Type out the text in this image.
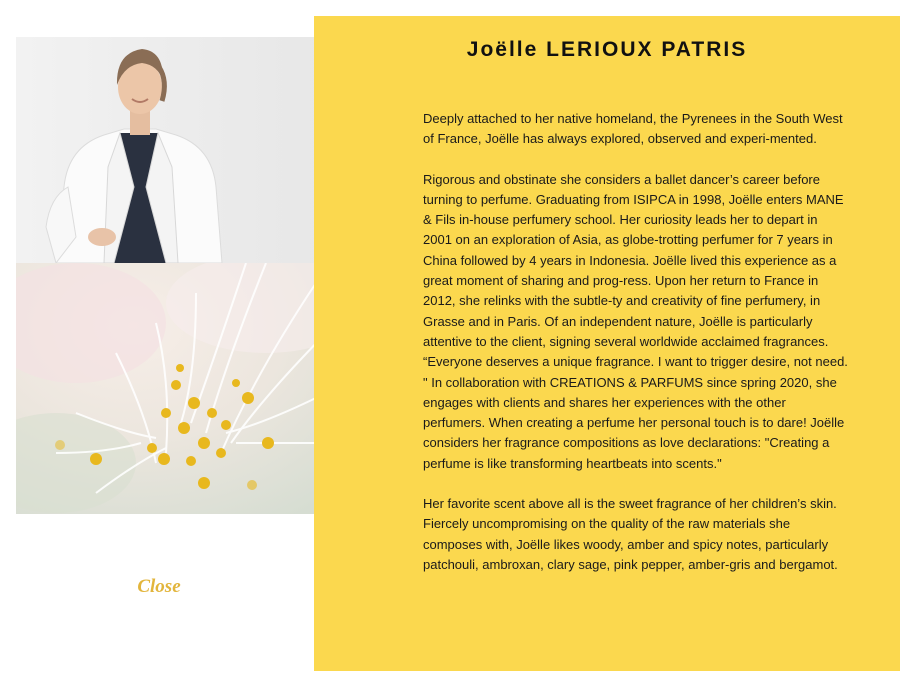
Joëlle LERIOUX PATRIS

Deeply attached to her native homeland, the Pyrenees in the South West of France, Joëlle has always explored, observed and experi-mented.

Rigorous and obstinate she considers a ballet dancer’s career before turning to perfume. Graduating from ISIPCA in 1998, Joëlle enters MANE & Fils in-house perfumery school. Her curiosity leads her to depart in 2001 on an exploration of Asia, as globe-trotting perfumer for 7 years in China followed by 4 years in Indonesia. Joëlle lived this experience as a great moment of sharing and prog-ress. Upon her return to France in 2012, she relinks with the subtle-ty and creativity of fine perfumery, in Grasse and in Paris. Of an independent nature, Joëlle is particularly attentive to the client, signing several worldwide acclaimed fragrances. “Everyone deserves a unique fragrance. I want to trigger desire, not need. " In collaboration with CREATIONS & PARFUMS since spring 2020, she engages with clients and shares her experiences with the other perfumers. When creating a perfume her personal touch is to dare! Joëlle considers her fragrance compositions as love declarations: "Creating a perfume is like transforming heartbeats into scents."

Her favorite scent above all is the sweet fragrance of her children’s skin. Fiercely uncompromising on the quality of the raw materials she composes with, Joëlle likes woody, amber and spicy notes, particularly patchouli, ambroxan, clary sage, pink pepper, amber-gris and bergamot.

Close
